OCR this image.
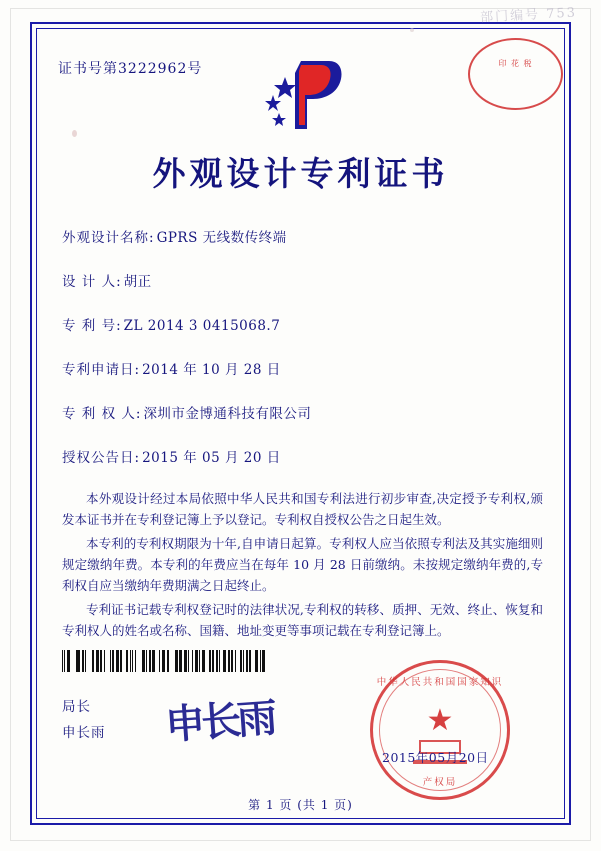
部门编号 753
证书号第3222962号	印 花 税
外观设计专利证书
外观设计名称: GPRS 无线数传终端
设 计 人: 胡正
专 利 号: ZL 2014 3 0415068.7
专利申请日: 2014 年 10 月 28 日
专 利 权 人: 深圳市金博通科技有限公司
授权公告日: 2015 年 05 月 20 日

本外观设计经过本局依照中华人民共和国专利法进行初步审查,决定授予专利权,颁发本证书并在专利登记簿上予以登记。专利权自授权公告之日起生效。

本专利的专利权期限为十年,自申请日起算。专利权人应当依照专利法及其实施细则规定缴纳年费。本专利的年费应当在每年 10 月 28 日前缴纳。未按规定缴纳年费的,专利权自应当缴纳年费期满之日起终止。

专利证书记载专利权登记时的法律状况,专利权的转移、质押、无效、终止、恢复和专利权人的姓名或名称、国籍、地址变更等事项记载在专利登记簿上。

局长
申长雨 申长雨
中华人民共和国国家知识
★
产权局
2015年05月20日
第 1 页 (共 1 页)
